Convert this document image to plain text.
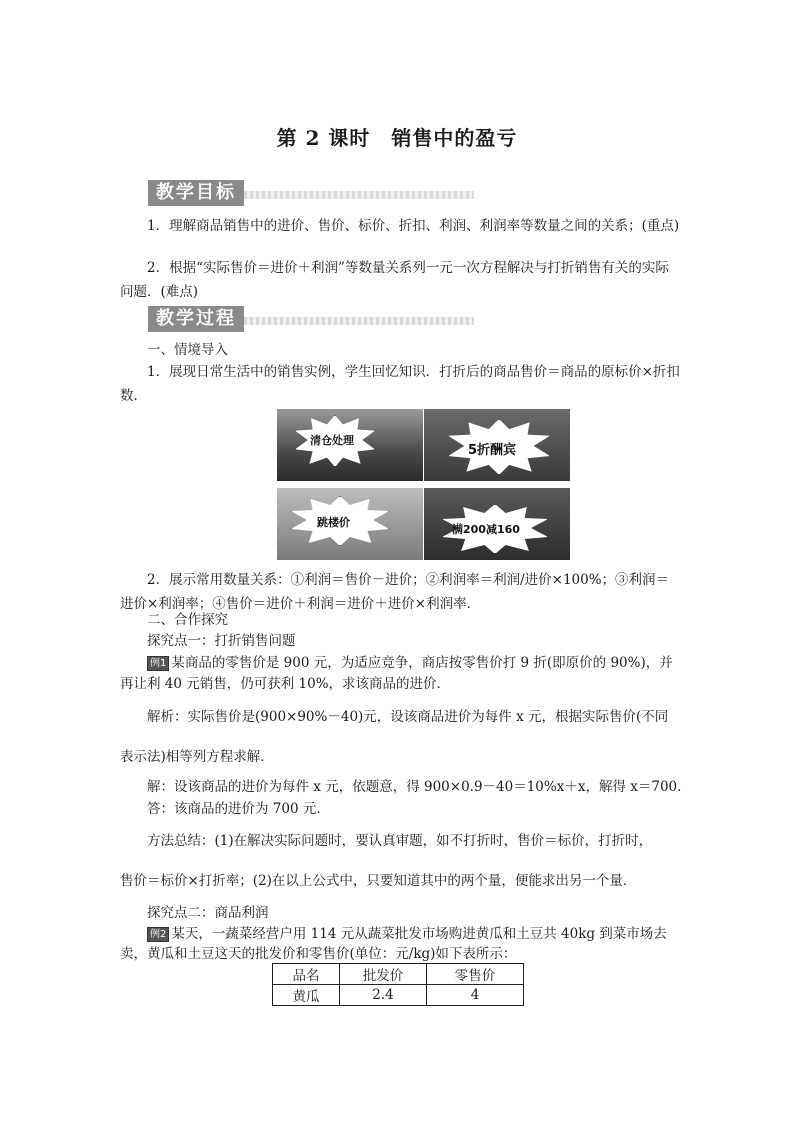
第 2 课时　销售中的盈亏
教学目标
1．理解商品销售中的进价、售价、标价、折扣、利润、利润率等数量之间的关系；(重点)
2．根据“实际售价＝进价＋利润”等数量关系列一元一次方程解决与打折销售有关的实际问题．(难点)
教学过程
一、情境导入
1．展现日常生活中的销售实例，学生回忆知识．打折后的商品售价＝商品的原标价×折扣数．
清仓处理
5折酬宾
跳楼价
满200减160
2．展示常用数量关系：①利润＝售价－进价；②利润率＝利润/进价×100%；③利润＝进价×利润率；④售价＝进价＋利润＝进价＋进价×利润率．
二、合作探究
探究点一：打折销售问题
例1 某商品的零售价是 900 元，为适应竞争，商店按零售价打 9 折(即原价的 90%)，并
再让利 40 元销售，仍可获利 10%，求该商品的进价．
解析：实际售价是(900×90%－40)元，设该商品进价为每件 x 元，根据实际售价(不同
表示法)相等列方程求解．
解：设该商品的进价为每件 x 元，依题意，得 900×0.9－40＝10%x＋x，解得 x＝700.
答：该商品的进价为 700 元．
方法总结：(1)在解决实际问题时，要认真审题，如不打折时，售价＝标价，打折时，
售价＝标价×打折率；(2)在以上公式中，只要知道其中的两个量，便能求出另一个量．
探究点二：商品利润
例2 某天，一蔬菜经营户用 114 元从蔬菜批发市场购进黄瓜和土豆共 40kg 到菜市场去
卖，黄瓜和土豆这天的批发价和零售价(单位：元/kg)如下表所示：
品名	批发价	零售价
黄瓜	2.4	4
